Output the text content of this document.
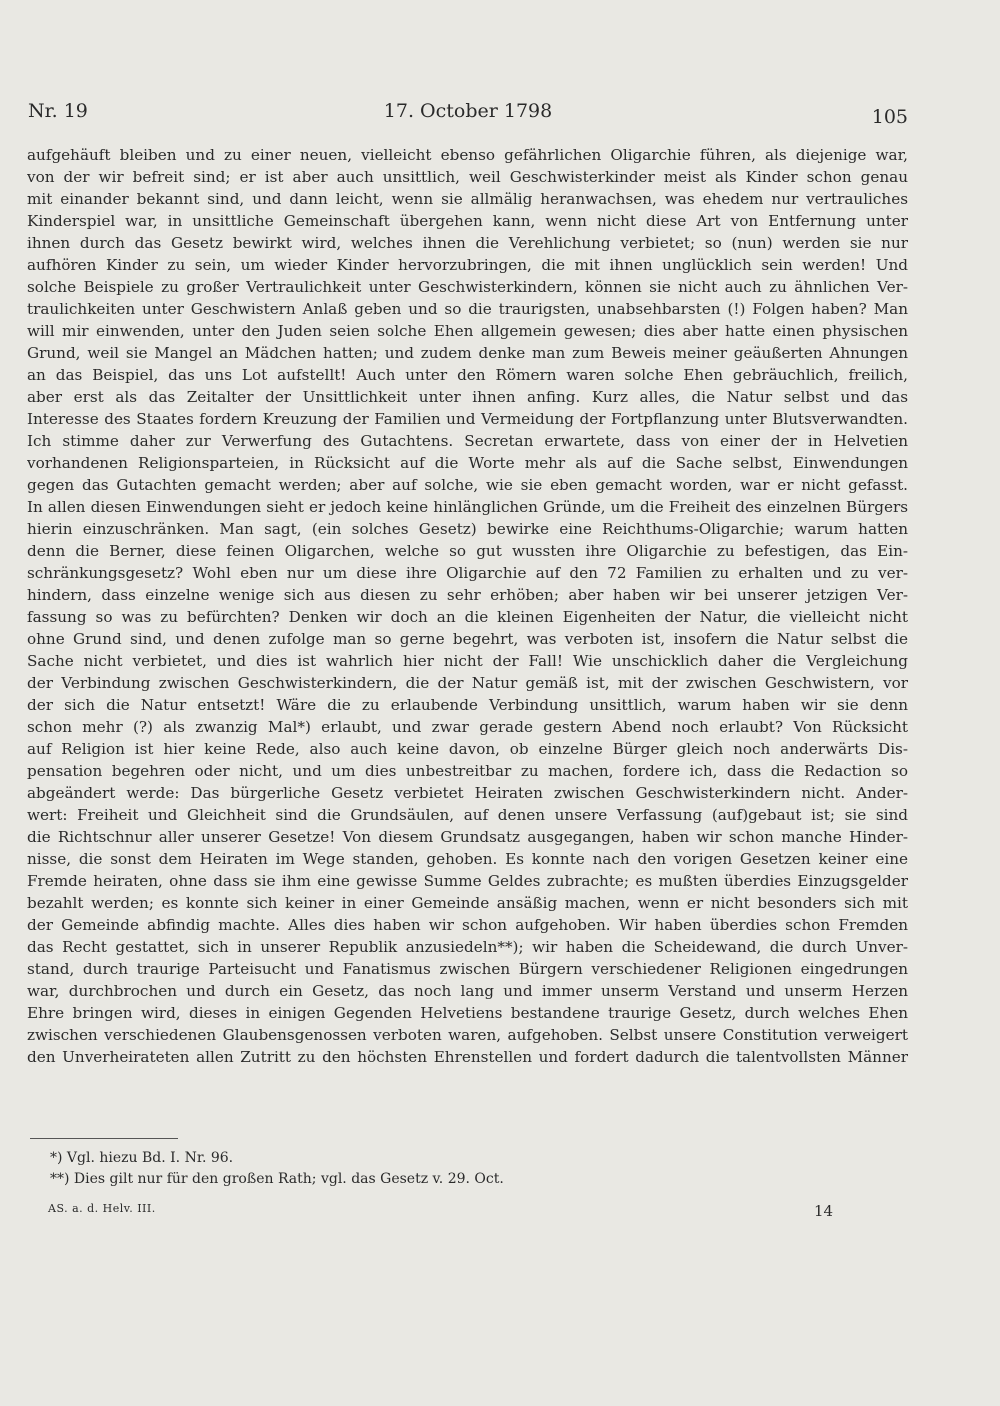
Nr. 19	17. October 1798	105
aufgehäuft bleiben und zu einer neuen, vielleicht ebenso gefährlichen Oligarchie führen, als diejenige war,
von der wir befreit sind; er ist aber auch unsittlich, weil Geschwisterkinder meist als Kinder schon genau
mit einander bekannt sind, und dann leicht, wenn sie allmälig heranwachsen, was ehedem nur vertrauliches
Kinderspiel war, in unsittliche Gemeinschaft übergehen kann, wenn nicht diese Art von Entfernung unter
ihnen durch das Gesetz bewirkt wird, welches ihnen die Verehlichung verbietet; so (nun) werden sie nur
aufhören Kinder zu sein, um wieder Kinder hervorzubringen, die mit ihnen unglücklich sein werden! Und
solche Beispiele zu großer Vertraulichkeit unter Geschwisterkindern, können sie nicht auch zu ähnlichen Ver-
traulichkeiten unter Geschwistern Anlaß geben und so die traurigsten, unabsehbarsten (!) Folgen haben? Man
will mir einwenden, unter den Juden seien solche Ehen allgemein gewesen; dies aber hatte einen physischen
Grund, weil sie Mangel an Mädchen hatten; und zudem denke man zum Beweis meiner geäußerten Ahnungen
an das Beispiel, das uns Lot aufstellt! Auch unter den Römern waren solche Ehen gebräuchlich, freilich,
aber erst als das Zeitalter der Unsittlichkeit unter ihnen anfing. Kurz alles, die Natur selbst und das
Interesse des Staates fordern Kreuzung der Familien und Vermeidung der Fortpflanzung unter Blutsverwandten.
Ich stimme daher zur Verwerfung des Gutachtens. Secretan erwartete, dass von einer der in Helvetien
vorhandenen Religionsparteien, in Rücksicht auf die Worte mehr als auf die Sache selbst, Einwendungen
gegen das Gutachten gemacht werden; aber auf solche, wie sie eben gemacht worden, war er nicht gefasst.
In allen diesen Einwendungen sieht er jedoch keine hinlänglichen Gründe, um die Freiheit des einzelnen Bürgers
hierin einzuschränken. Man sagt, (ein solches Gesetz) bewirke eine Reichthums-Oligarchie; warum hatten
denn die Berner, diese feinen Oligarchen, welche so gut wussten ihre Oligarchie zu befestigen, das Ein-
schränkungsgesetz? Wohl eben nur um diese ihre Oligarchie auf den 72 Familien zu erhalten und zu ver-
hindern, dass einzelne wenige sich aus diesen zu sehr erhöben; aber haben wir bei unserer jetzigen Ver-
fassung so was zu befürchten? Denken wir doch an die kleinen Eigenheiten der Natur, die vielleicht nicht
ohne Grund sind, und denen zufolge man so gerne begehrt, was verboten ist, insofern die Natur selbst die
Sache nicht verbietet, und dies ist wahrlich hier nicht der Fall! Wie unschicklich daher die Vergleichung
der Verbindung zwischen Geschwisterkindern, die der Natur gemäß ist, mit der zwischen Geschwistern, vor
der sich die Natur entsetzt! Wäre die zu erlaubende Verbindung unsittlich, warum haben wir sie denn
schon mehr (?) als zwanzig Mal*) erlaubt, und zwar gerade gestern Abend noch erlaubt? Von Rücksicht
auf Religion ist hier keine Rede, also auch keine davon, ob einzelne Bürger gleich noch anderwärts Dis-
pensation begehren oder nicht, und um dies unbestreitbar zu machen, fordere ich, dass die Redaction so
abgeändert werde: Das bürgerliche Gesetz verbietet Heiraten zwischen Geschwisterkindern nicht. Ander-
wert: Freiheit und Gleichheit sind die Grundsäulen, auf denen unsere Verfassung (auf)gebaut ist; sie sind
die Richtschnur aller unserer Gesetze! Von diesem Grundsatz ausgegangen, haben wir schon manche Hinder-
nisse, die sonst dem Heiraten im Wege standen, gehoben. Es konnte nach den vorigen Gesetzen keiner eine
Fremde heiraten, ohne dass sie ihm eine gewisse Summe Geldes zubrachte; es mußten überdies Einzugsgelder
bezahlt werden; es konnte sich keiner in einer Gemeinde ansäßig machen, wenn er nicht besonders sich mit
der Gemeinde abfindig machte. Alles dies haben wir schon aufgehoben. Wir haben überdies schon Fremden
das Recht gestattet, sich in unserer Republik anzusiedeln**); wir haben die Scheidewand, die durch Unver-
stand, durch traurige Parteisucht und Fanatismus zwischen Bürgern verschiedener Religionen eingedrungen
war, durchbrochen und durch ein Gesetz, das noch lang und immer unserm Verstand und unserm Herzen
Ehre bringen wird, dieses in einigen Gegenden Helvetiens bestandene traurige Gesetz, durch welches Ehen
zwischen verschiedenen Glaubensgenossen verboten waren, aufgehoben. Selbst unsere Constitution verweigert
den Unverheirateten allen Zutritt zu den höchsten Ehrenstellen und fordert dadurch die talentvollsten Männer
*) Vgl. hiezu Bd. I. Nr. 96.
**) Dies gilt nur für den großen Rath; vgl. das Gesetz v. 29. Oct.
AS. a. d. Helv. III.	14
